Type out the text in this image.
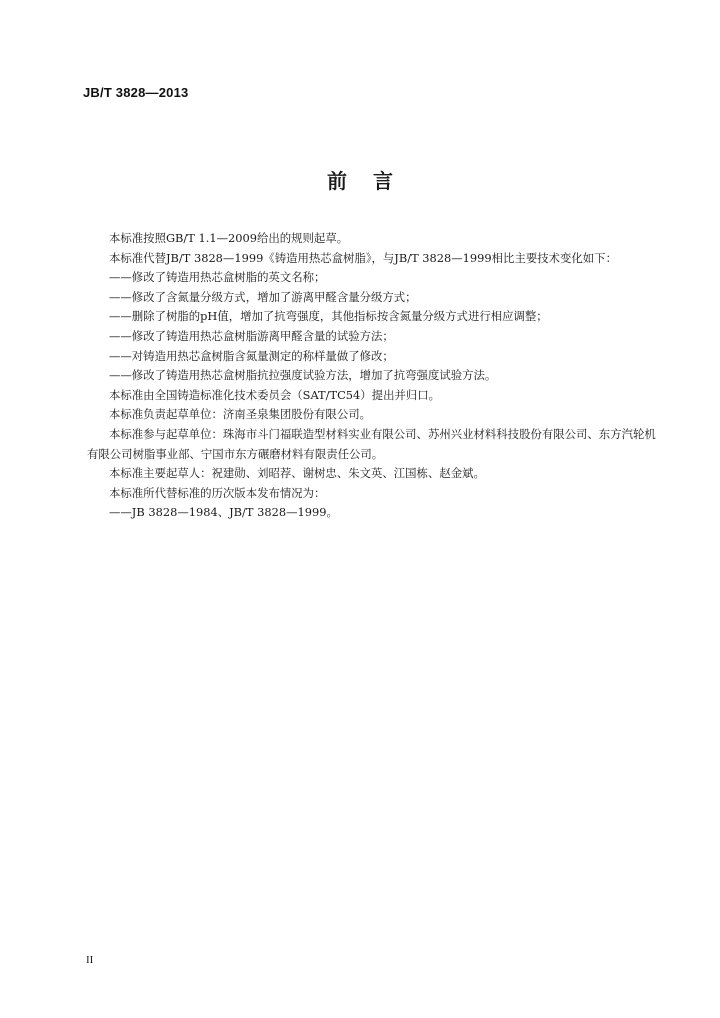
JB/T 3828—2013
前言

本标准按照GB/T 1.1—2009给出的规则起草。

本标准代替JB/T 3828—1999《铸造用热芯盒树脂》，与JB/T 3828—1999相比主要技术变化如下：

——修改了铸造用热芯盒树脂的英文名称；

——修改了含氮量分级方式，增加了游离甲醛含量分级方式；

——删除了树脂的pH值，增加了抗弯强度，其他指标按含氮量分级方式进行相应调整；

——修改了铸造用热芯盒树脂游离甲醛含量的试验方法；

——对铸造用热芯盒树脂含氮量测定的称样量做了修改；

——修改了铸造用热芯盒树脂抗拉强度试验方法，增加了抗弯强度试验方法。

本标准由全国铸造标准化技术委员会（SAT/TC54）提出并归口。

本标准负责起草单位：济南圣泉集团股份有限公司。

本标准参与起草单位：珠海市斗门福联造型材料实业有限公司、苏州兴业材料科技股份有限公司、东方汽轮机有限公司树脂事业部、宁国市东方碾磨材料有限责任公司。

本标准主要起草人：祝建勋、刘昭荐、谢树忠、朱文英、江国栋、赵金斌。

本标准所代替标准的历次版本发布情况为：

——JB 3828—1984、JB/T 3828—1999。

II
